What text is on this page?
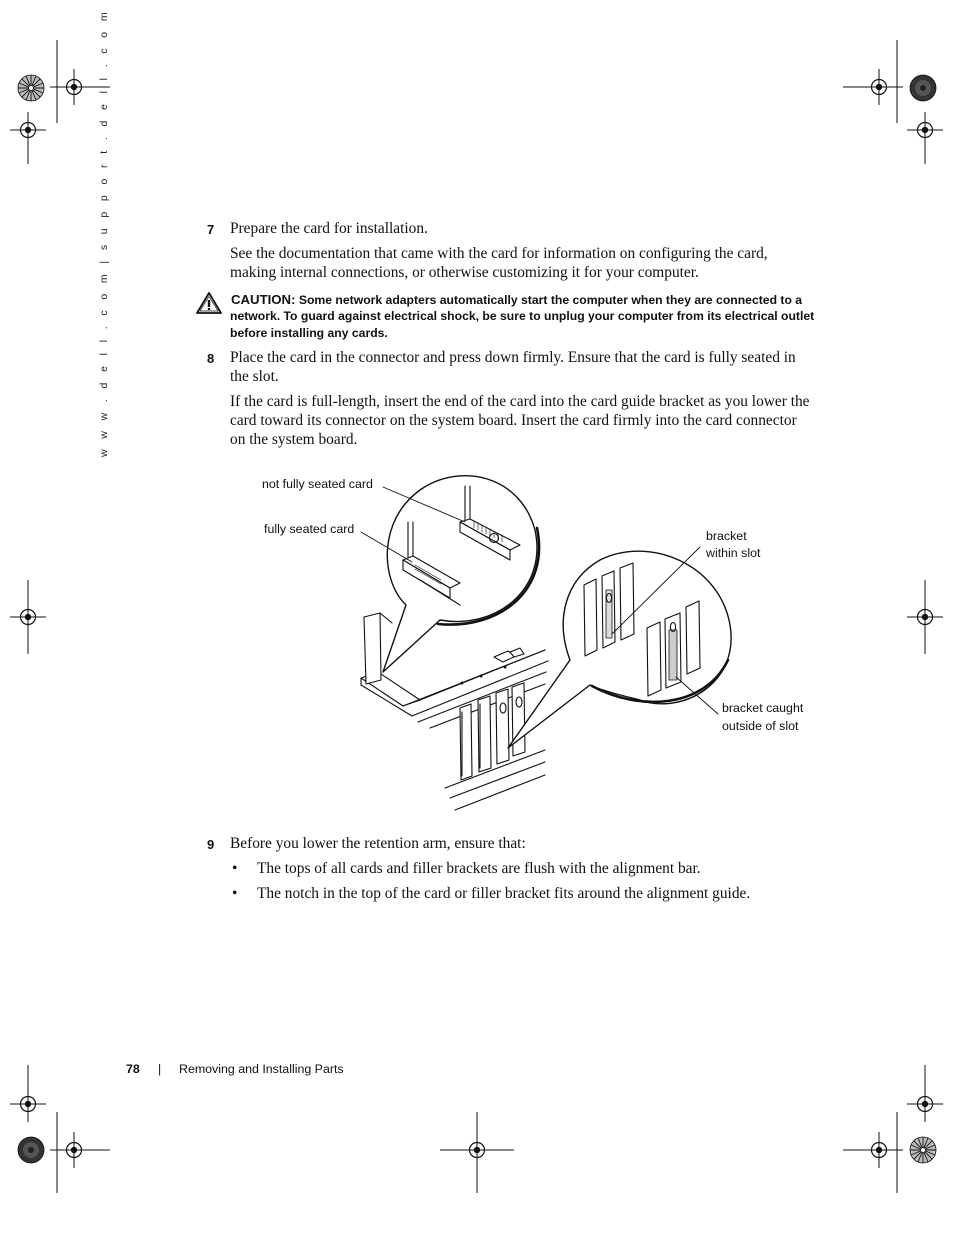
w w w . d e l l . c o m | s u p p o r t . d e l l . c o m	7 Prepare the card for installation.
See the documentation that came with the card for information on configuring the card,
making internal connections, or otherwise customizing it for your computer.
CAUTION: Some network adapters automatically start the computer when they are connected to a
network. To guard against electrical shock, be sure to unplug your computer from its electrical outlet
before installing any cards.
8 Place the card in the connector and press down firmly. Ensure that the card is fully seated in
the slot.
If the card is full-length, insert the end of the card into the card guide bracket as you lower the
card toward its connector on the system board. Insert the card firmly into the card connector
on the system board.
not fully seated card
fully seated card	bracket
within slot
bracket caught
outside of slot
9 Before you lower the retention arm, ensure that:
• The tops of all cards and filler brackets are flush with the alignment bar.
• The notch in the top of the card or filler bracket fits around the alignment guide.
78 | Removing and Installing Parts
